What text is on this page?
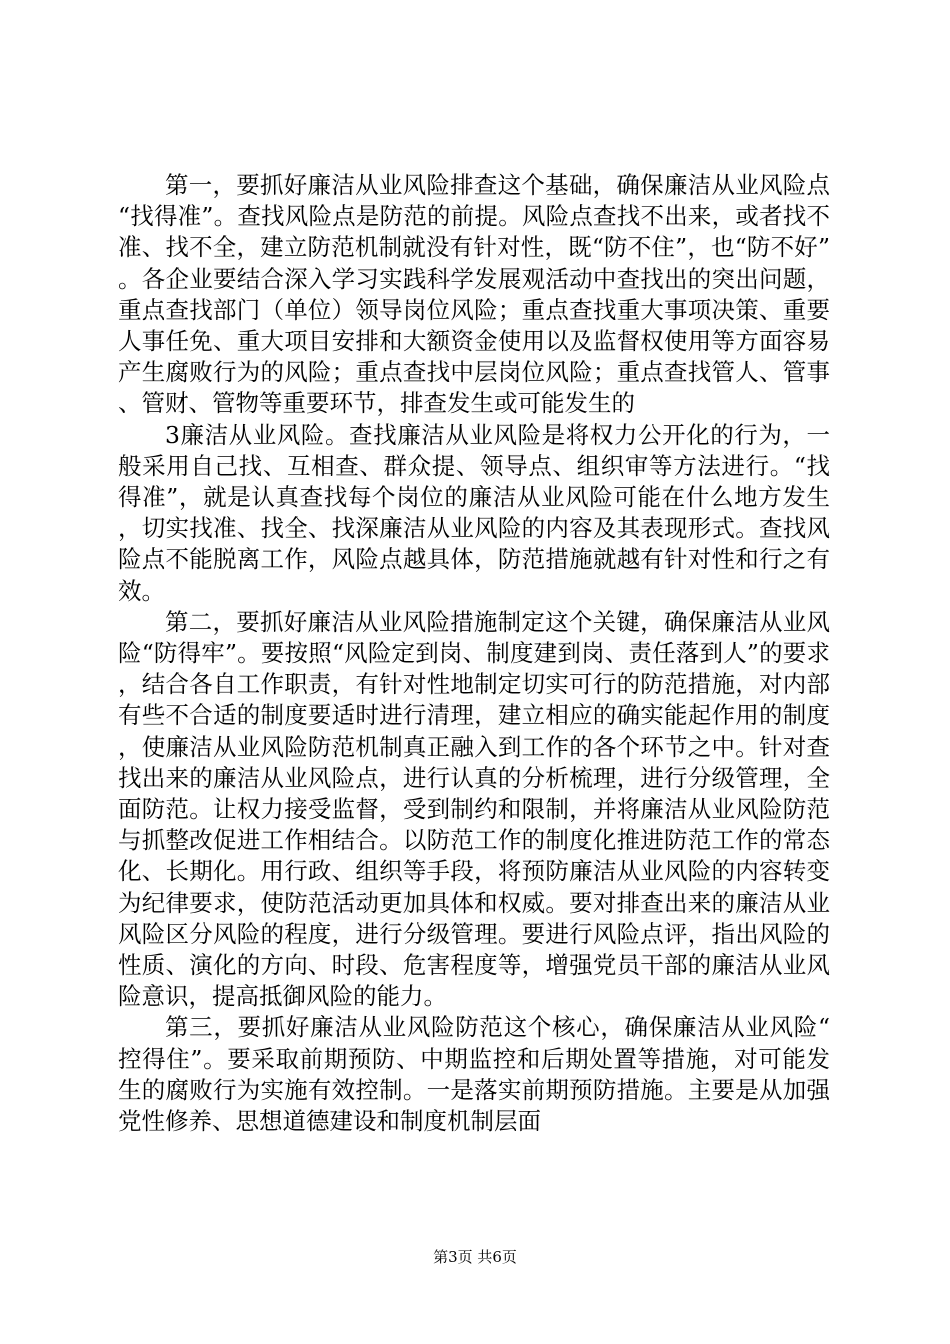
第一，要抓好廉洁从业风险排查这个基础，确保廉洁从业风险点“找得准”。查找风险点是防范的前提。风险点查找不出来，或者找不准、找不全，建立防范机制就没有针对性，既“防不住”，也“防不好”。各企业要结合深入学习实践科学发展观活动中查找出的突出问题，重点查找部门（单位）领导岗位风险；重点查找重大事项决策、重要人事任免、重大项目安排和大额资金使用以及监督权使用等方面容易产生腐败行为的风险；重点查找中层岗位风险；重点查找管人、管事、管财、管物等重要环节，排查发生或可能发生的

3廉洁从业风险。查找廉洁从业风险是将权力公开化的行为，一般采用自己找、互相查、群众提、领导点、组织审等方法进行。“找得准”，就是认真查找每个岗位的廉洁从业风险可能在什么地方发生，切实找准、找全、找深廉洁从业风险的内容及其表现形式。查找风险点不能脱离工作，风险点越具体，防范措施就越有针对性和行之有效。

第二，要抓好廉洁从业风险措施制定这个关键，确保廉洁从业风险“防得牢”。要按照“风险定到岗、制度建到岗、责任落到人”的要求，结合各自工作职责，有针对性地制定切实可行的防范措施，对内部有些不合适的制度要适时进行清理，建立相应的确实能起作用的制度，使廉洁从业风险防范机制真正融入到工作的各个环节之中。针对查找出来的廉洁从业风险点，进行认真的分析梳理，进行分级管理，全面防范。让权力接受监督，受到制约和限制，并将廉洁从业风险防范与抓整改促进工作相结合。以防范工作的制度化推进防范工作的常态化、长期化。用行政、组织等手段，将预防廉洁从业风险的内容转变为纪律要求，使防范活动更加具体和权威。要对排查出来的廉洁从业风险区分风险的程度，进行分级管理。要进行风险点评，指出风险的性质、演化的方向、时段、危害程度等，增强党员干部的廉洁从业风险意识，提高抵御风险的能力。

第三，要抓好廉洁从业风险防范这个核心，确保廉洁从业风险“控得住”。要采取前期预防、中期监控和后期处置等措施，对可能发生的腐败行为实施有效控制。一是落实前期预防措施。主要是从加强党性修养、思想道德建设和制度机制层面

第3页 共6页
